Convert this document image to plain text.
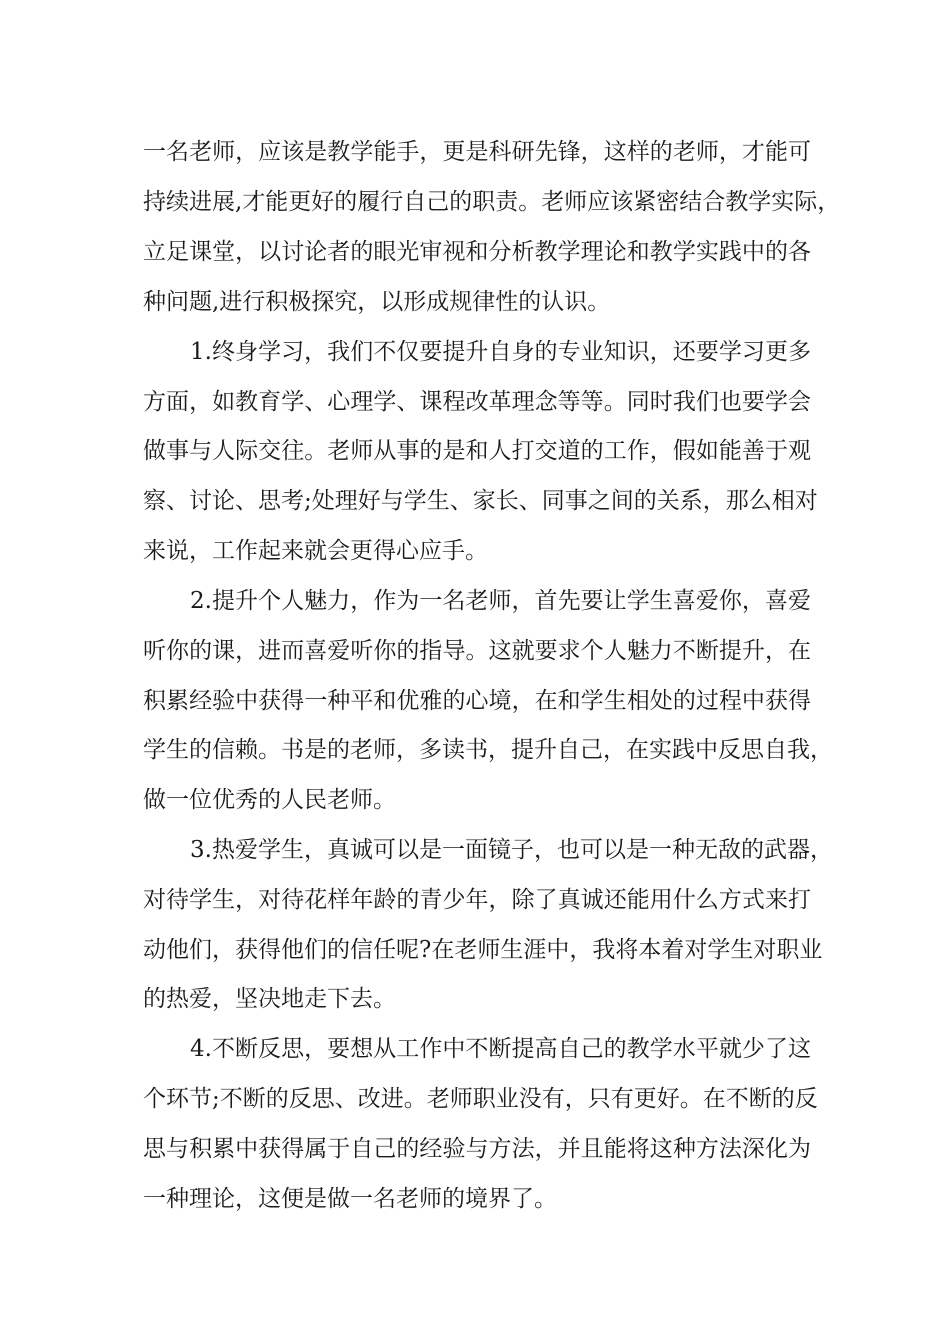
一名老师，应该是教学能手，更是科研先锋，这样的老师，才能可
持续进展,才能更好的履行自己的职责。老师应该紧密结合教学实际，
立足课堂，以讨论者的眼光审视和分析教学理论和教学实践中的各
种问题,进行积极探究，以形成规律性的认识。
1.终身学习，我们不仅要提升自身的专业知识，还要学习更多
方面，如教育学、心理学、课程改革理念等等。同时我们也要学会
做事与人际交往。老师从事的是和人打交道的工作，假如能善于观
察、讨论、思考;处理好与学生、家长、同事之间的关系，那么相对
来说，工作起来就会更得心应手。
2.提升个人魅力，作为一名老师，首先要让学生喜爱你，喜爱
听你的课，进而喜爱听你的指导。这就要求个人魅力不断提升，在
积累经验中获得一种平和优雅的心境，在和学生相处的过程中获得
学生的信赖。书是的老师，多读书，提升自己，在实践中反思自我，
做一位优秀的人民老师。
3.热爱学生，真诚可以是一面镜子，也可以是一种无敌的武器，
对待学生，对待花样年龄的青少年，除了真诚还能用什么方式来打
动他们，获得他们的信任呢?在老师生涯中，我将本着对学生对职业
的热爱，坚决地走下去。
4.不断反思，要想从工作中不断提高自己的教学水平就少了这
个环节;不断的反思、改进。老师职业没有，只有更好。在不断的反
思与积累中获得属于自己的经验与方法，并且能将这种方法深化为
一种理论，这便是做一名老师的境界了。
